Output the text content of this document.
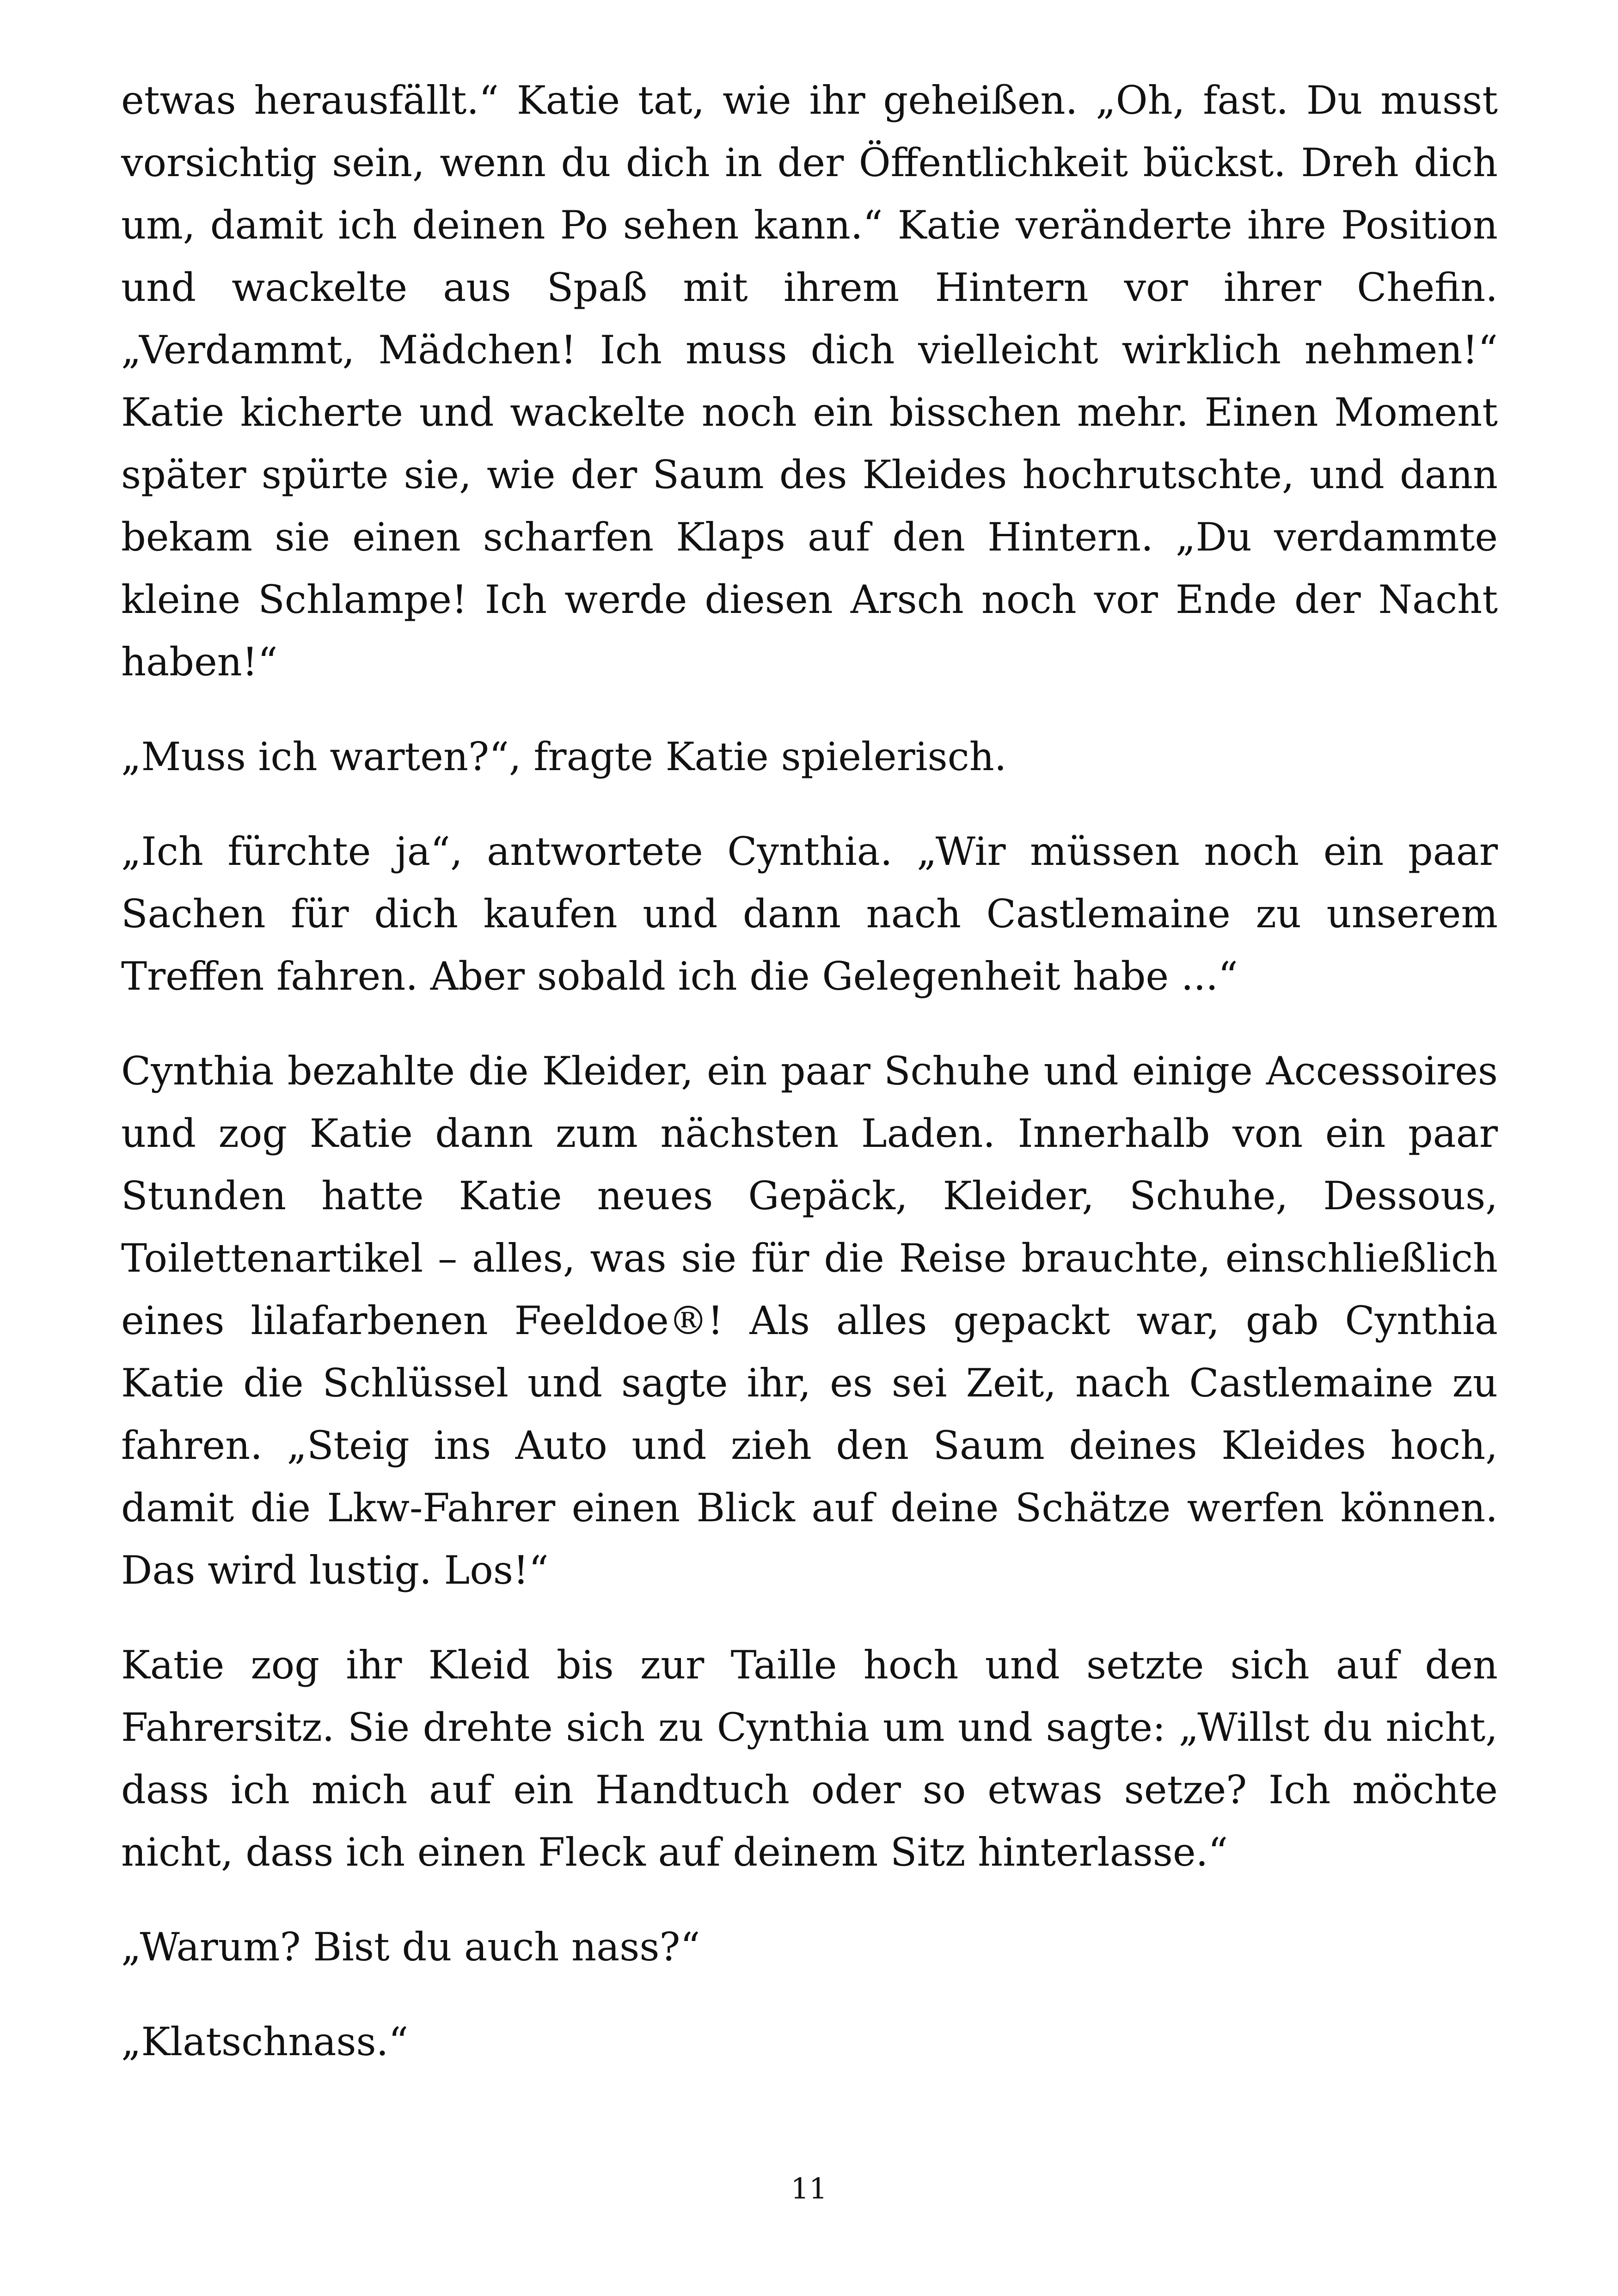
etwas herausfällt.“ Katie tat, wie ihr geheißen. „Oh, fast. Du musst vorsichtig sein, wenn du dich in der Öffentlichkeit bückst. Dreh dich um, damit ich deinen Po sehen kann.“ Katie veränderte ihre Position und wackelte aus Spaß mit ihrem Hintern vor ihrer Chefin. „Verdammt, Mädchen! Ich muss dich vielleicht wirklich nehmen!“ Katie kicherte und wackelte noch ein bisschen mehr. Einen Moment später spürte sie, wie der Saum des Kleides hochrutschte, und dann bekam sie einen scharfen Klaps auf den Hintern. „Du verdammte kleine Schlampe! Ich werde diesen Arsch noch vor Ende der Nacht haben!“

„Muss ich warten?“, fragte Katie spielerisch.

„Ich fürchte ja“, antwortete Cynthia. „Wir müssen noch ein paar Sachen für dich kaufen und dann nach Castlemaine zu unserem Treffen fahren. Aber sobald ich die Gelegenheit habe ...“

Cynthia bezahlte die Kleider, ein paar Schuhe und einige Accessoires und zog Katie dann zum nächsten Laden. Innerhalb von ein paar Stunden hatte Katie neues Gepäck, Kleider, Schuhe, Dessous, Toilettenartikel – alles, was sie für die Reise brauchte, einschließlich eines lilafarbenen Feeldoe®! Als alles gepackt war, gab Cynthia Katie die Schlüssel und sagte ihr, es sei Zeit, nach Castlemaine zu fahren. „Steig ins Auto und zieh den Saum deines Kleides hoch, damit die Lkw-Fahrer einen Blick auf deine Schätze werfen können. Das wird lustig. Los!“

Katie zog ihr Kleid bis zur Taille hoch und setzte sich auf den Fahrersitz. Sie drehte sich zu Cynthia um und sagte: „Willst du nicht, dass ich mich auf ein Handtuch oder so etwas setze? Ich möchte nicht, dass ich einen Fleck auf deinem Sitz hinterlasse.“

„Warum? Bist du auch nass?“

„Klatschnass.“

11
